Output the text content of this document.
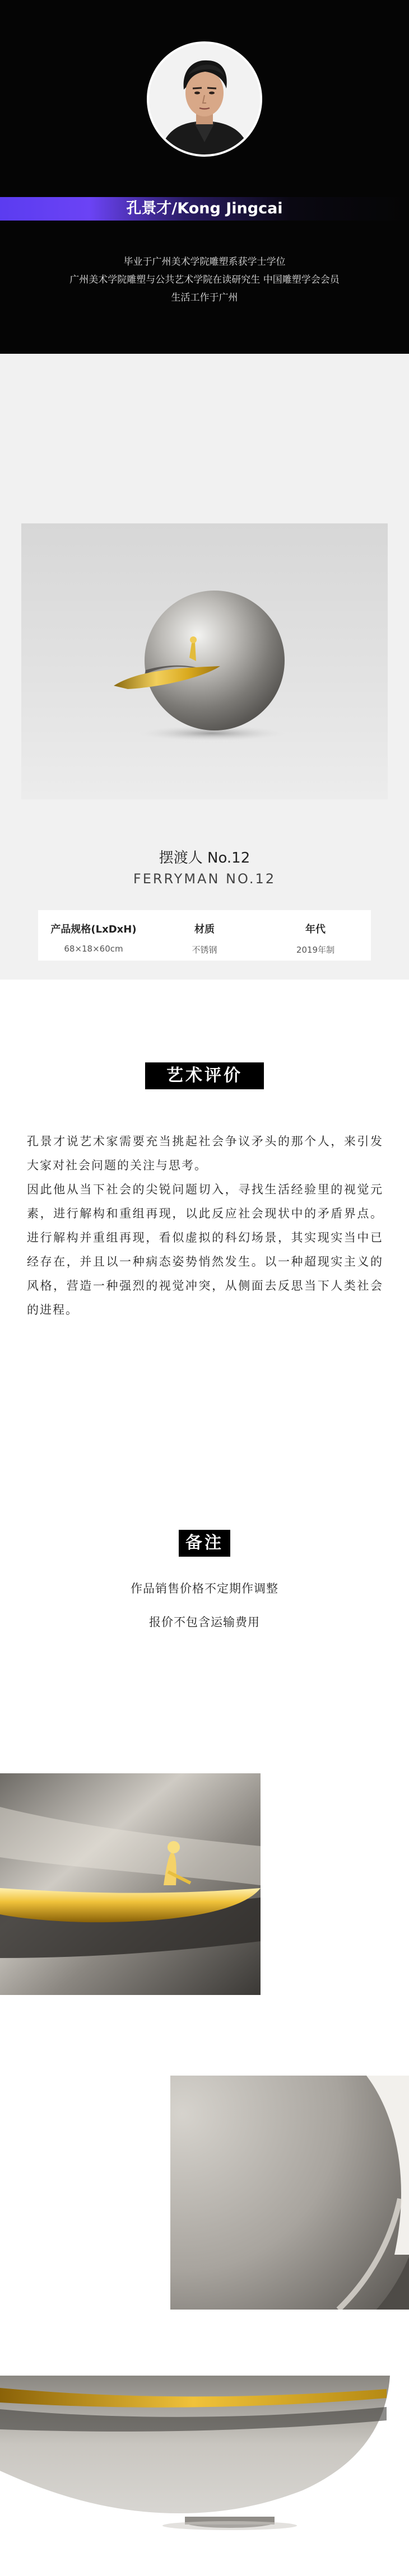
孔景才/Kong Jingcai
毕业于广州美术学院雕塑系获学士学位
广州美术学院雕塑与公共艺术学院在读研究生 中国雕塑学会会员
生活工作于广州
摆渡人 No.12
FERRYMAN NO.12
产品规格(LxDxH)
68×18×60cm
材质
不锈钢
年代
2019年制
艺术评价

孔景才说艺术家需要充当挑起社会争议矛头的那个人，来引发大家对社会问题的关注与思考。

因此他从当下社会的尖锐问题切入，寻找生活经验里的视觉元素，进行解构和重组再现，以此反应社会现状中的矛盾界点。进行解构并重组再现，看似虚拟的科幻场景，其实现实当中已经存在，并且以一种病态姿势悄然发生。以一种超现实主义的风格，营造一种强烈的视觉冲突，从侧面去反思当下人类社会的进程。

备注
作品销售价格不定期作调整
报价不包含运输费用
